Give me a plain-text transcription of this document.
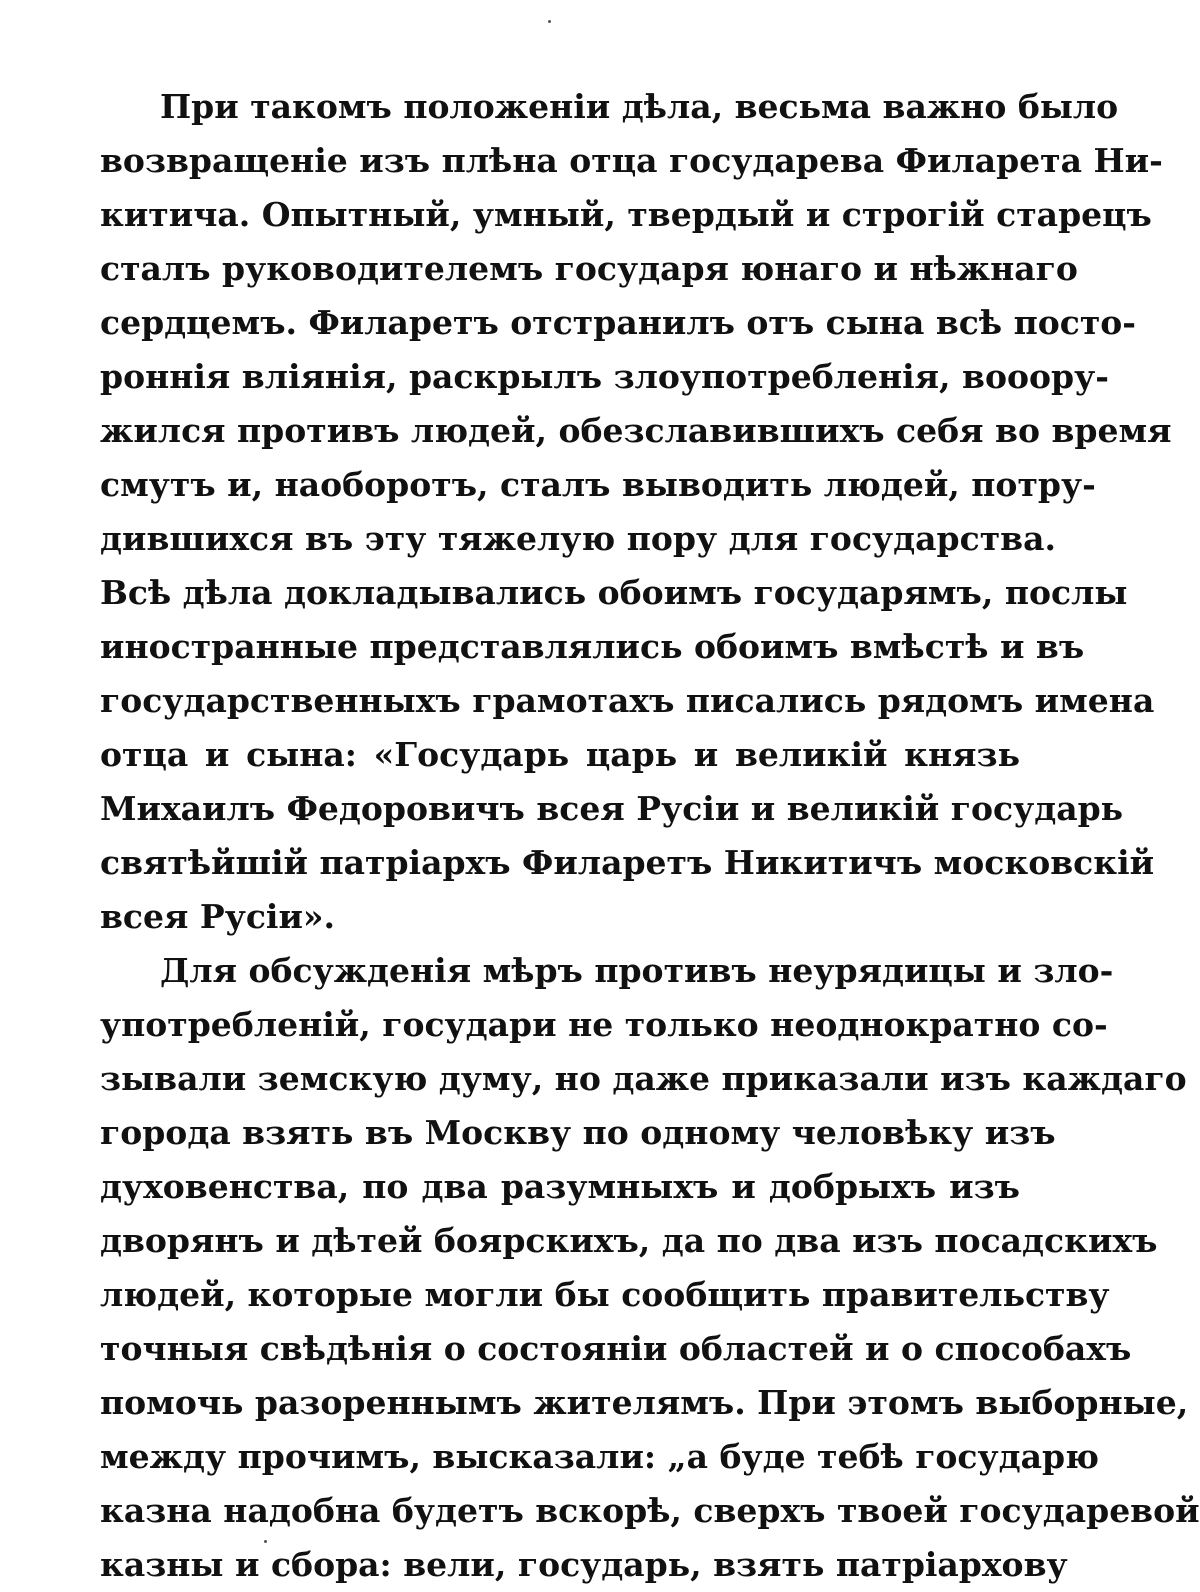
При такомъ положеніи дѣла, весьма важно было
возвращеніе изъ плѣна отца государева Филарета Ни-
китича. Опытный, умный, твердый и строгій старецъ
сталъ руководителемъ государя юнаго и нѣжнаго
сердцемъ. Филаретъ отстранилъ отъ сына всѣ посто-
роннія вліянія, раскрылъ злоупотребленія, вооору-
жился противъ людей, обезславившихъ себя во время
смутъ и, наоборотъ, сталъ выводить людей, потру-
дившихся въ эту тяжелую пору для государства.
Всѣ дѣла докладывались обоимъ государямъ, послы
иностранные представлялись обоимъ вмѣстѣ и въ
государственныхъ грамотахъ писались рядомъ имена
отца и сына: «Государь царь и великій князь
Михаилъ Федоровичъ всея Русіи и великій государь
святѣйшій патріархъ Филаретъ Никитичъ московскій
всея Русіи».
Для обсужденія мѣръ противъ неурядицы и зло-
употребленій, государи не только неоднократно со-
зывали земскую думу, но даже приказали изъ каждаго
города взять въ Москву по одному человѣку изъ
духовенства, по два разумныхъ и добрыхъ изъ
дворянъ и дѣтей боярскихъ, да по два изъ посадскихъ
людей, которые могли бы сообщить правительству
точныя свѣдѣнія о состояніи областей и о способахъ
помочь разореннымъ жителямъ. При этомъ выборные,
между прочимъ, высказали: „а буде тебѣ государю
казна надобна будетъ вскорѣ, сверхъ твоей государевой
казны и сбора: вели, государь, взять патріархову
